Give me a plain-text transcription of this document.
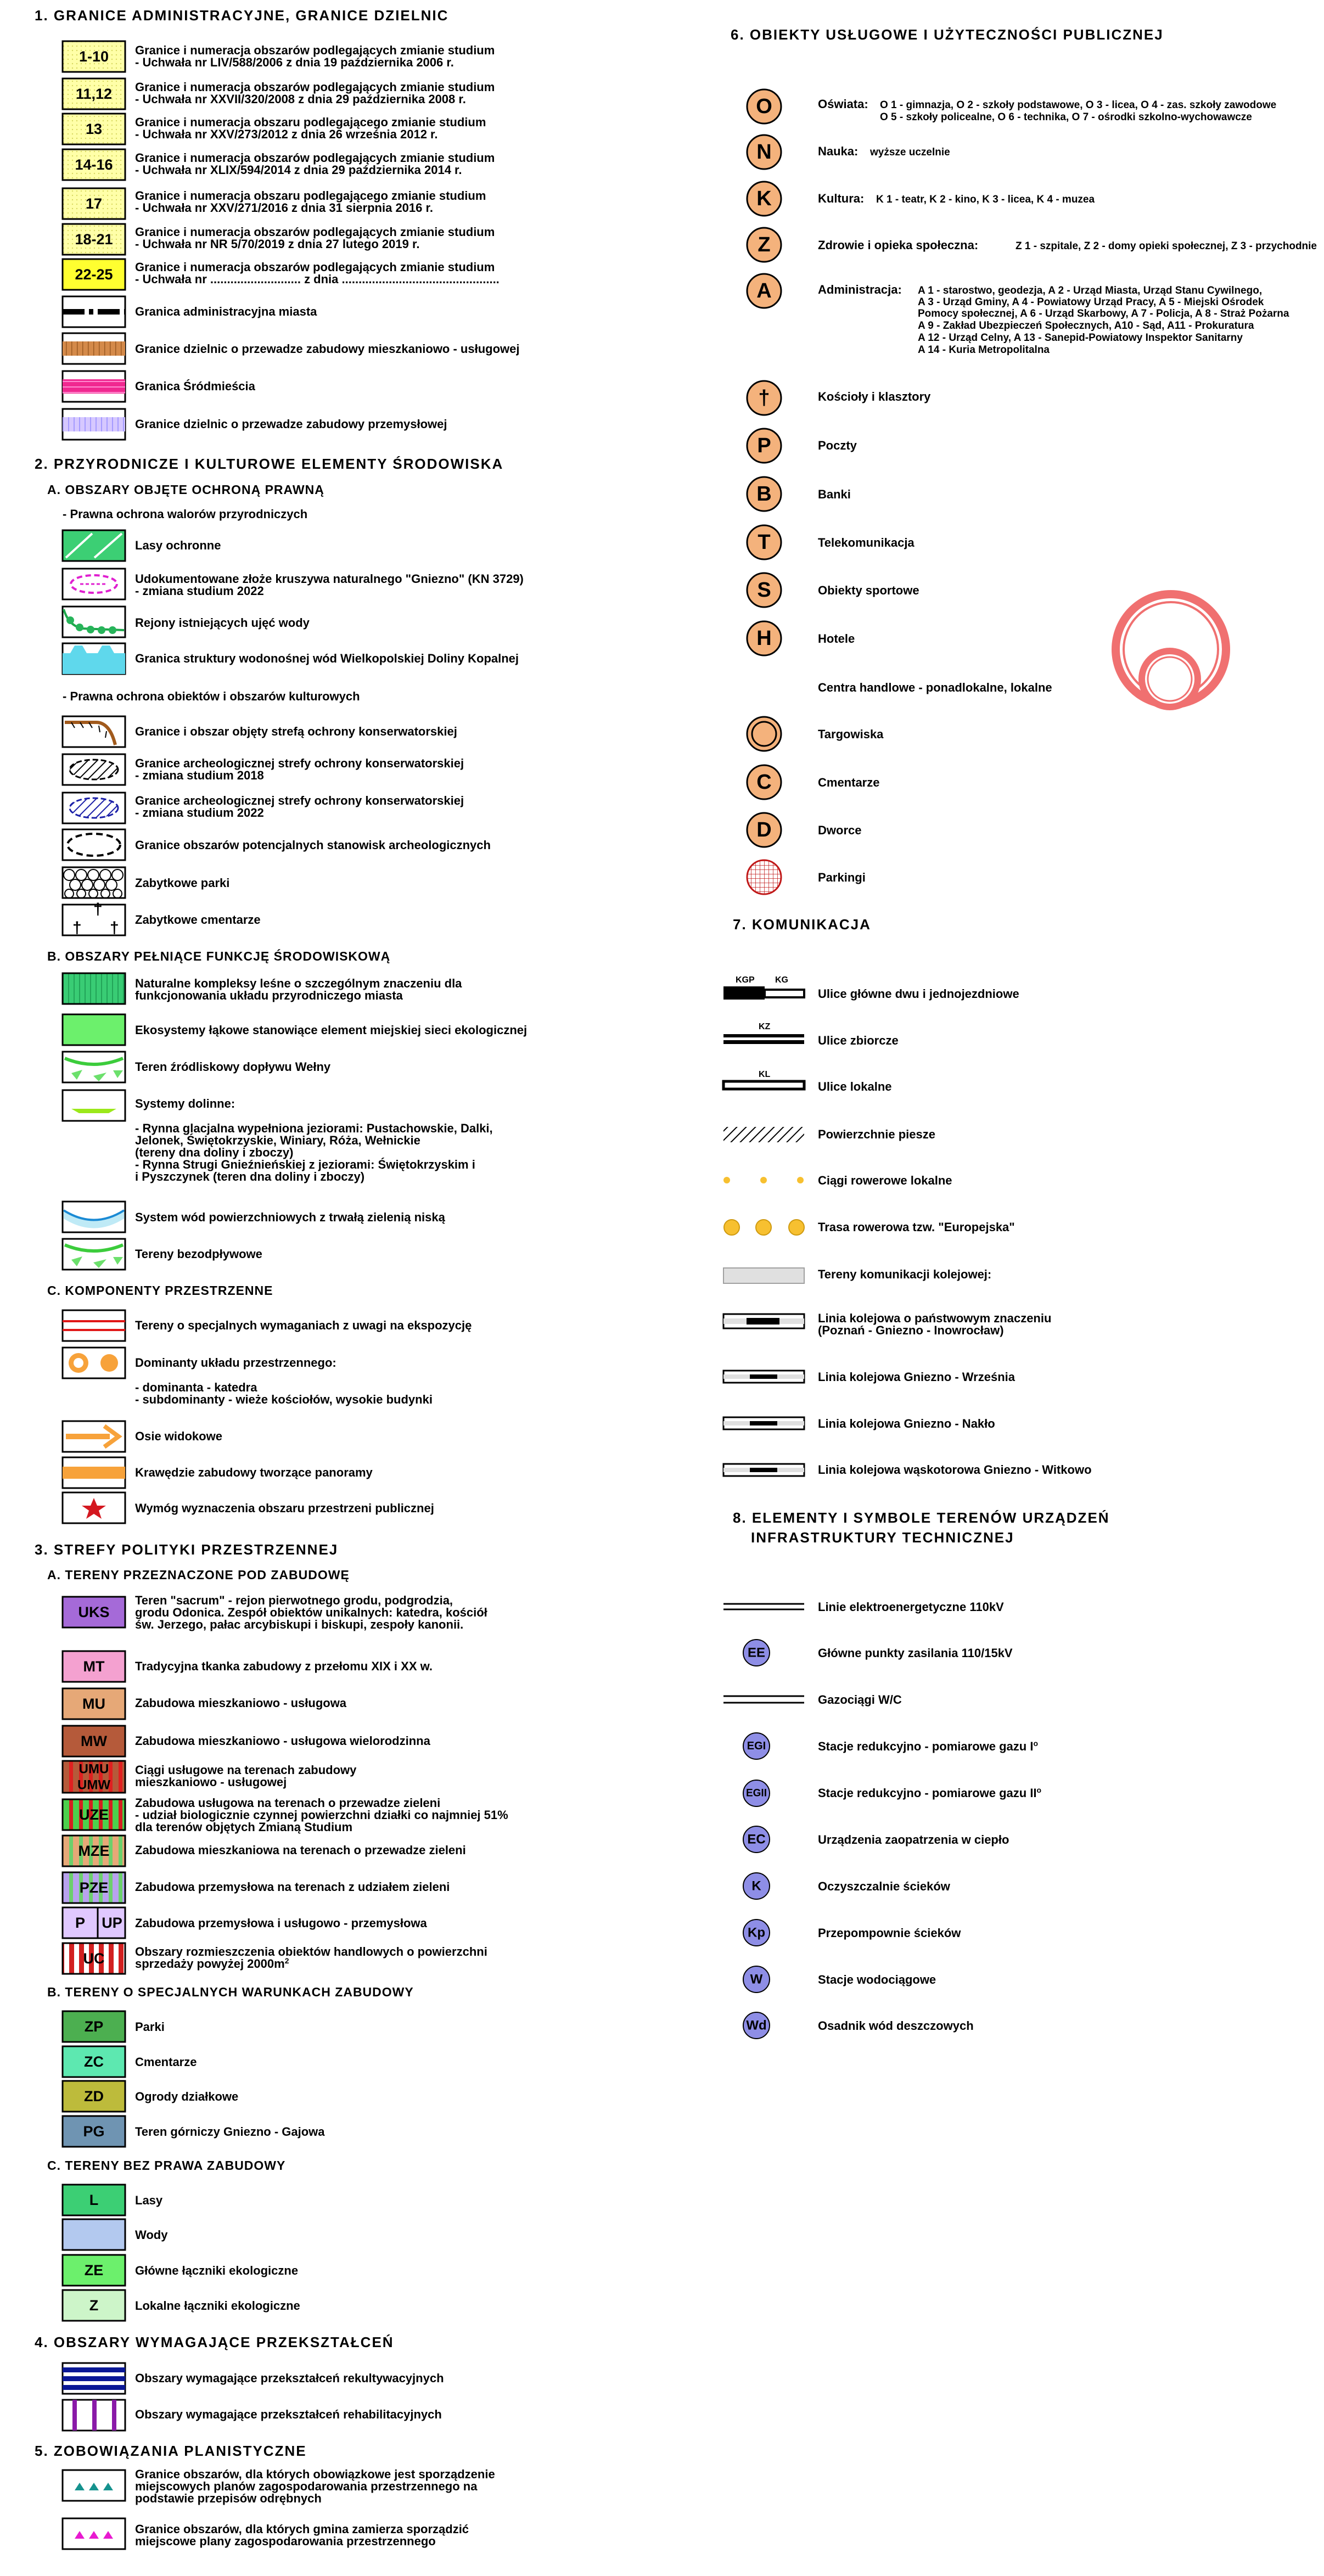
1. GRANICE ADMINISTRACYJNE, GRANICE DZIELNIC
1-10 Granice i numeracja obszarów podlegających zmianie studium
- Uchwała nr LIV/588/2006 z dnia 19 października 2006 r.
11,12 Granice i numeracja obszarów podlegających zmianie studium
- Uchwała nr XXVII/320/2008 z dnia 29 października 2008 r.
13	Granice i numeracja obszaru podlegającego zmianie studium
- Uchwała nr XXV/273/2012 z dnia 26 września 2012 r.
14-16 Granice i numeracja obszarów podlegających zmianie studium
- Uchwała nr XLIX/594/2014 z dnia 29 października 2014 r.
17	Granice i numeracja obszaru podlegającego zmianie studium
- Uchwała nr XXV/271/2016 z dnia 31 sierpnia 2016 r.
18-21 Granice i numeracja obszarów podlegających zmianie studium
- Uchwała nr NR 5/70/2019 z dnia 27 lutego 2019 r.
22-25 Granice i numeracja obszarów podlegających zmianie studium
- Uchwała nr ........................... z dnia ...............................................
Granica administracyjna miasta
Granice dzielnic o przewadze zabudowy mieszkaniowo - usługowej
Granica Śródmieścia
Granice dzielnic o przewadze zabudowy przemysłowej
2. PRZYRODNICZE I KULTUROWE ELEMENTY ŚRODOWISKA
A. OBSZARY OBJĘTE OCHRONĄ PRAWNĄ
- Prawna ochrona walorów przyrodniczych
Lasy ochronne
Udokumentowane złoże kruszywa naturalnego "Gniezno" (KN 3729)
- zmiana studium 2022
Rejony istniejących ujęć wody
Granica struktury wodonośnej wód Wielkopolskiej Doliny Kopalnej
- Prawna ochrona obiektów i obszarów kulturowych
Granice i obszar objęty strefą ochrony konserwatorskiej
Granice archeologicznej strefy ochrony konserwatorskiej
- zmiana studium 2018
Granice archeologicznej strefy ochrony konserwatorskiej
- zmiana studium 2022
Granice obszarów potencjalnych stanowisk archeologicznych
Zabytkowe parki
†
†
† Zabytkowe cmentarze
B. OBSZARY PEŁNIĄCE FUNKCJĘ ŚRODOWISKOWĄ
Naturalne kompleksy leśne o szczególnym znaczeniu dla
funkcjonowania układu przyrodniczego miasta
Ekosystemy łąkowe stanowiące element miejskiej sieci ekologicznej
Teren źródliskowy dopływu Wełny
Systemy dolinne:
- Rynna glacjalna wypełniona jeziorami: Pustachowskie, Dalki,
Jelonek, Świętokrzyskie, Winiary, Róża, Wełnickie
(tereny dna doliny i zboczy)
- Rynna Strugi Gnieźnieńskiej z jeziorami: Świętokrzyskim i
i Pyszczynek (teren dna doliny i zboczy)
System wód powierzchniowych z trwałą zielenią niską
Tereny bezodpływowe
C. KOMPONENTY PRZESTRZENNE
Tereny o specjalnych wymaganiach z uwagi na ekspozycję
Dominanty układu przestrzennego:
- dominanta - katedra
- subdominanty - wieże kościołów, wysokie budynki
Osie widokowe
Krawędzie zabudowy tworzące panoramy
Wymóg wyznaczenia obszaru przestrzeni publicznej
3. STREFY POLITYKI PRZESTRZENNEJ
A. TERENY PRZEZNACZONE POD ZABUDOWĘ
UKS
Teren "sacrum" - rejon pierwotnego grodu, podgrodzia,
grodu Odonica. Zespół obiektów unikalnych: katedra, kościół
św. Jerzego, pałac arcybiskupi i biskupi, zespoły kanonii.
MT	Tradycyjna tkanka zabudowy z przełomu XIX i XX w.
MU Zabudowa mieszkaniowo - usługowa
MW Zabudowa mieszkaniowo - usługowa wielorodzinna
UMU
UMW
Ciągi usługowe na terenach zabudowy
mieszkaniowo - usługowej
UZE
Zabudowa usługowa na terenach o przewadze zieleni
- udział biologicznie czynnej powierzchni działki co najmniej 51%
dla terenów objętych Zmianą Studium
MZE Zabudowa mieszkaniowa na terenach o przewadze zieleni
PZE Zabudowa przemysłowa na terenach z udziałem zieleni
P UP Zabudowa przemysłowa i usługowo - przemysłowa
UC	Obszary rozmieszczenia obiektów handlowych o powierzchni
sprzedaży powyżej $2000m^2$
B. TERENY O SPECJALNYCH WARUNKACH ZABUDOWY
ZP	Parki
ZC	Cmentarze
ZD	Ogrody działkowe
PG	Teren górniczy Gniezno - Gajowa
C. TERENY BEZ PRAWA ZABUDOWY
L	Lasy
Wody
ZE	Główne łączniki ekologiczne
Z	Lokalne łączniki ekologiczne
4. OBSZARY WYMAGAJĄCE PRZEKSZTAŁCEŃ
Obszary wymagające przekształceń rekultywacyjnych
Obszary wymagające przekształceń rehabilitacyjnych
5. ZOBOWIĄZANIA PLANISTYCZNE
Granice obszarów, dla których obowiązkowe jest sporządzenie
miejscowych planów zagospodarowania przestrzennego na
podstawie przepisów odrębnych
Granice obszarów, dla których gmina zamierza sporządzić
miejscowe plany zagospodarowania przestrzennego
6. OBIEKTY USŁUGOWE I UŻYTECZNOŚCI PUBLICZNEJ
O	Oświata: O 1 - gimnazja, O 2 - szkoły podstawowe, O 3 - licea, O 4 - zas. szkoły zawodowe
O 5 - szkoły policealne, O 6 - technika, O 7 - ośrodki szkolno-wychowawcze
N	Nauka: wyższe uczelnie
K	Kultura: K 1 - teatr, K 2 - kino, K 3 - licea, K 4 - muzea
Z	Zdrowie i opieka społeczna:	Z 1 - szpitale, Z 2 - domy opieki społecznej, Z 3 - przychodnie
A	Administracja: A 1 - starostwo, geodezja, A 2 - Urząd Miasta, Urząd Stanu Cywilnego,
A 3 - Urząd Gminy, A 4 - Powiatowy Urząd Pracy, A 5 - Miejski Ośrodek
Pomocy społecznej, A 6 - Urząd Skarbowy, A 7 - Policja, A 8 - Straż Pożarna
A 9 - Zakład Ubezpieczeń Społecznych, A10 - Sąd, A11 - Prokuratura
A 12 - Urząd Celny, A 13 - Sanepid-Powiatowy Inspektor Sanitarny
A 14 - Kuria Metropolitalna
†	Kościoły i klasztory
P	Poczty
B	Banki
T	Telekomunikacja
S	Obiekty sportowe
H	Hotele
Centra handlowe - ponadlokalne, lokalne
Targowiska
C	Cmentarze
D	Dworce
Parkingi
7. KOMUNIKACJA
KGP KG
Ulice główne dwu i jednojezdniowe
KZ
Ulice zbiorcze
KL
Ulice lokalne
Powierzchnie piesze
Ciągi rowerowe lokalne
Trasa rowerowa tzw. "Europejska"
Tereny komunikacji kolejowej:
Linia kolejowa o państwowym znaczeniu
(Poznań - Gniezno - Inowrocław)
Linia kolejowa Gniezno - Września
Linia kolejowa Gniezno - Nakło
Linia kolejowa wąskotorowa Gniezno - Witkowo
8. ELEMENTY I SYMBOLE TERENÓW URZĄDZEŃ
INFRASTRUKTURY TECHNICZNEJ
Linie elektroenergetyczne 110kV
EE	Główne punkty zasilania 110/15kV
Gazociągi W/C
EGI	Stacje redukcyjno - pomiarowe gazu $I^o$
EGII	Stacje redukcyjno - pomiarowe gazu $II^o$
EC	Urządzenia zaopatrzenia w ciepło
K	Oczyszczalnie ścieków
Kp	Przepompownie ścieków
W	Stacje wodociągowe
Wd	Osadnik wód deszczowych
